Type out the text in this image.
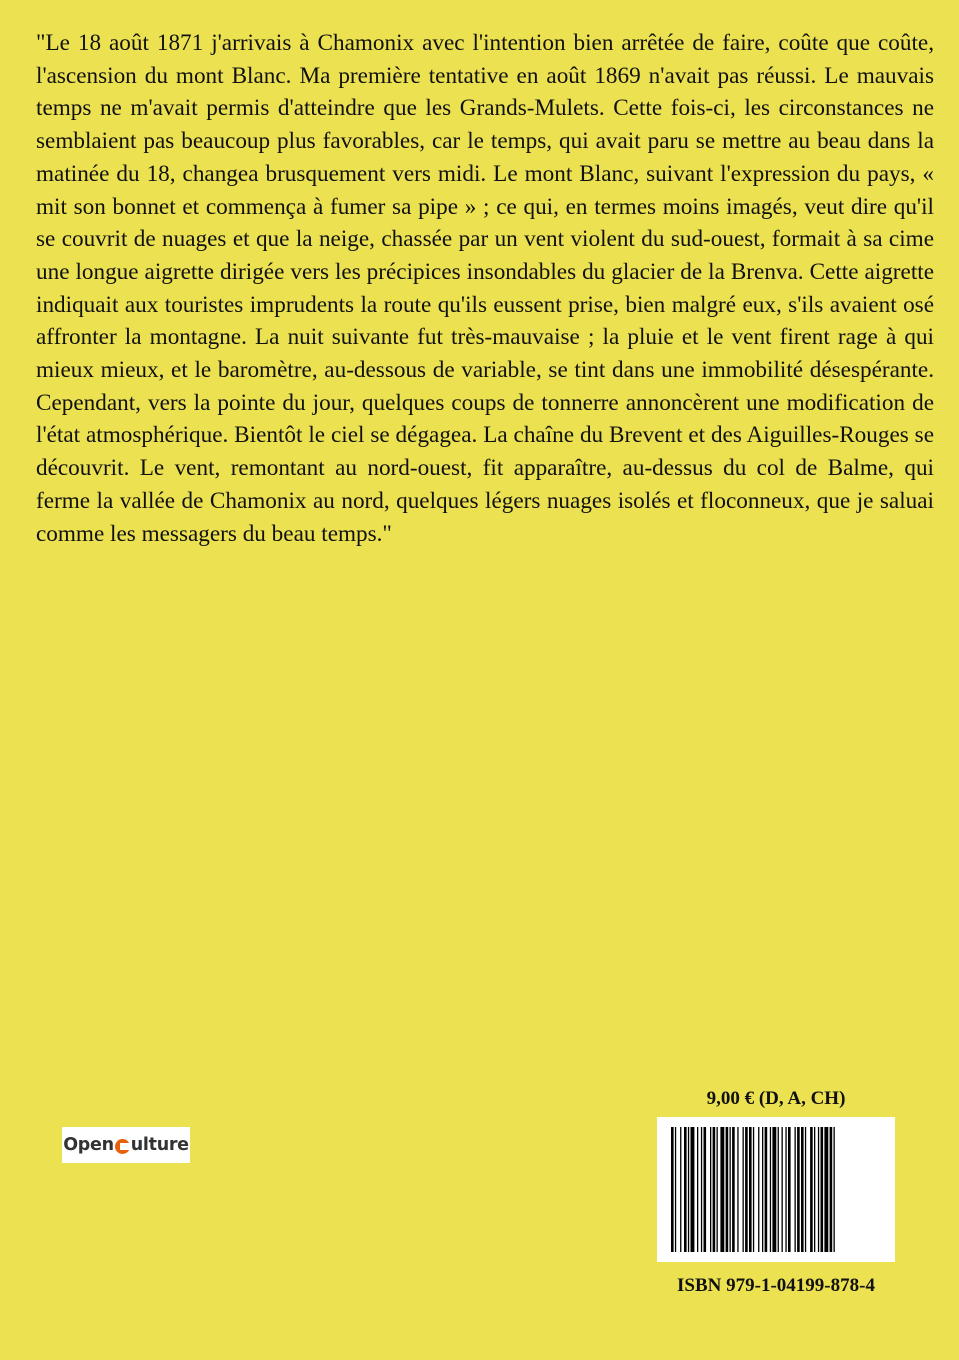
"Le 18 août 1871 j'arrivais à Chamonix avec l'intention bien arrêtée de faire, coûte que coûte, l'ascension du mont Blanc. Ma première tentative en août 1869 n'avait pas réussi. Le mauvais temps ne m'avait permis d'atteindre que les Grands-Mulets. Cette fois-ci, les circonstances ne semblaient pas beaucoup plus favorables, car le temps, qui avait paru se mettre au beau dans la matinée du 18, changea brusquement vers midi. Le mont Blanc, suivant l'expression du pays, « mit son bonnet et commença à fumer sa pipe » ; ce qui, en termes moins imagés, veut dire qu'il se couvrit de nuages et que la neige, chassée par un vent violent du sud-ouest, formait à sa cime une longue aigrette dirigée vers les précipices insondables du glacier de la Brenva. Cette aigrette indiquait aux touristes imprudents la route qu'ils eussent prise, bien malgré eux, s'ils avaient osé affronter la montagne. La nuit suivante fut très-mauvaise ; la pluie et le vent firent rage à qui mieux mieux, et le baromètre, au-dessous de variable, se tint dans une immobilité désespérante. Cependant, vers la pointe du jour, quelques coups de tonnerre annoncèrent une modification de l'état atmosphérique. Bientôt le ciel se dégagea. La chaîne du Brevent et des Aiguilles-Rouges se découvrit. Le vent, remontant au nord-ouest, fit apparaître, au-dessus du col de Balme, qui ferme la vallée de Chamonix au nord, quelques légers nuages isolés et floconneux, que je saluai comme les messagers du beau temps."

Open ulture
9,00 € (D, A, CH)
ISBN 979-1-04199-878-4
